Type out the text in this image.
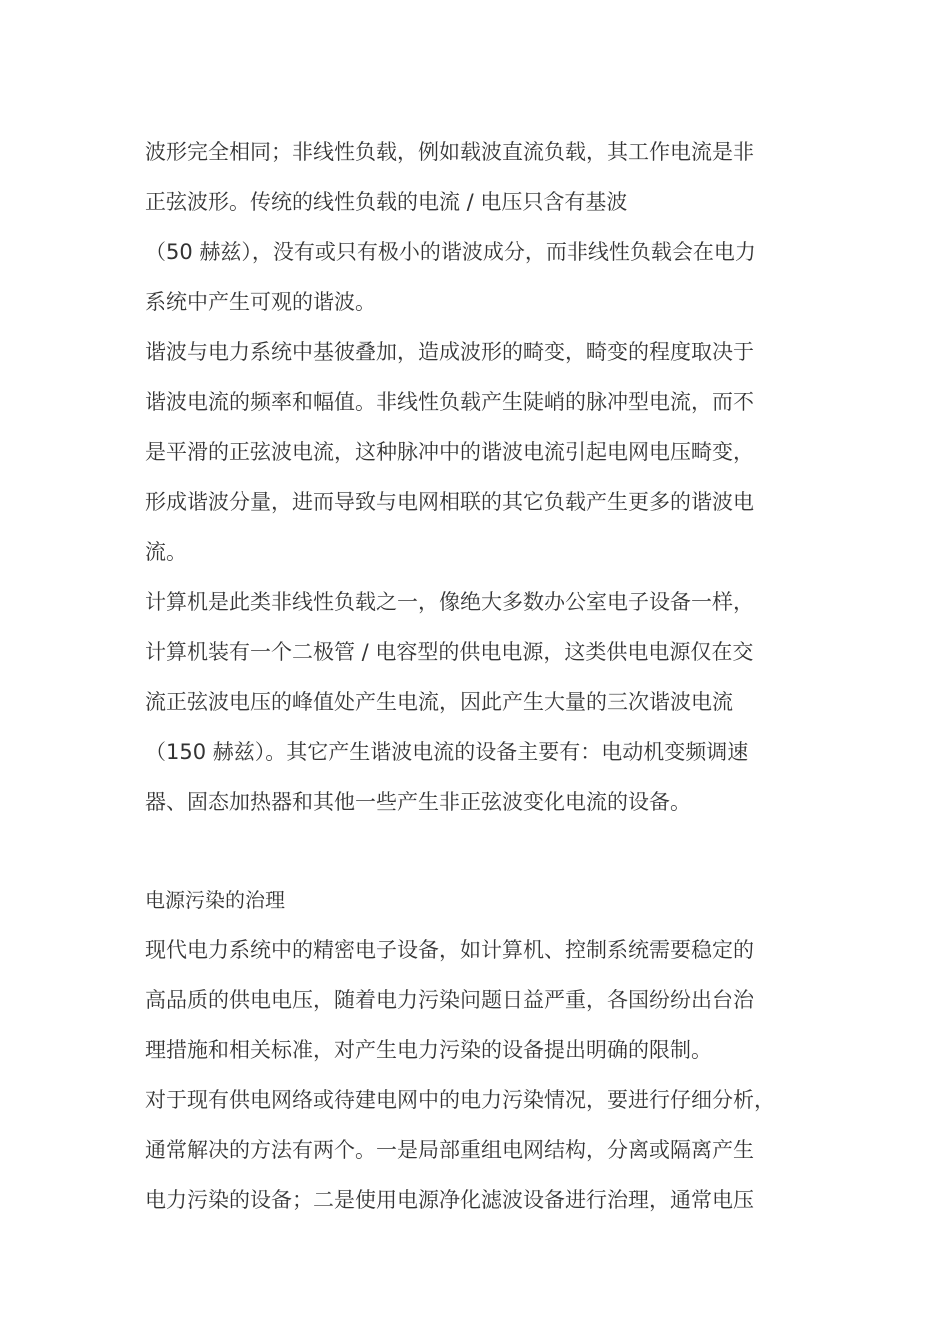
波形完全相同；非线性负载，例如载波直流负载，其工作电流是非
正弦波形。传统的线性负载的电流 / 电压只含有基波
（50 赫兹），没有或只有极小的谐波成分，而非线性负载会在电力
系统中产生可观的谐波。
谐波与电力系统中基彼叠加，造成波形的畸变，畸变的程度取决于
谐波电流的频率和幅值。非线性负载产生陡峭的脉冲型电流，而不
是平滑的正弦波电流，这种脉冲中的谐波电流引起电网电压畸变，
形成谐波分量，进而导致与电网相联的其它负载产生更多的谐波电
流。
计算机是此类非线性负载之一，像绝大多数办公室电子设备一样，
计算机装有一个二极管 / 电容型的供电电源，这类供电电源仅在交
流正弦波电压的峰值处产生电流，因此产生大量的三次谐波电流
（150 赫兹）。其它产生谐波电流的设备主要有：电动机变频调速
器、固态加热器和其他一些产生非正弦波变化电流的设备。
电源污染的治理
现代电力系统中的精密电子设备，如计算机、控制系统需要稳定的
高品质的供电电压，随着电力污染问题日益严重，各国纷纷出台治
理措施和相关标准，对产生电力污染的设备提出明确的限制。
对于现有供电网络或待建电网中的电力污染情况，要进行仔细分析，
通常解决的方法有两个。一是局部重组电网结构，分离或隔离产生
电力污染的设备；二是使用电源净化滤波设备进行治理，通常电压
